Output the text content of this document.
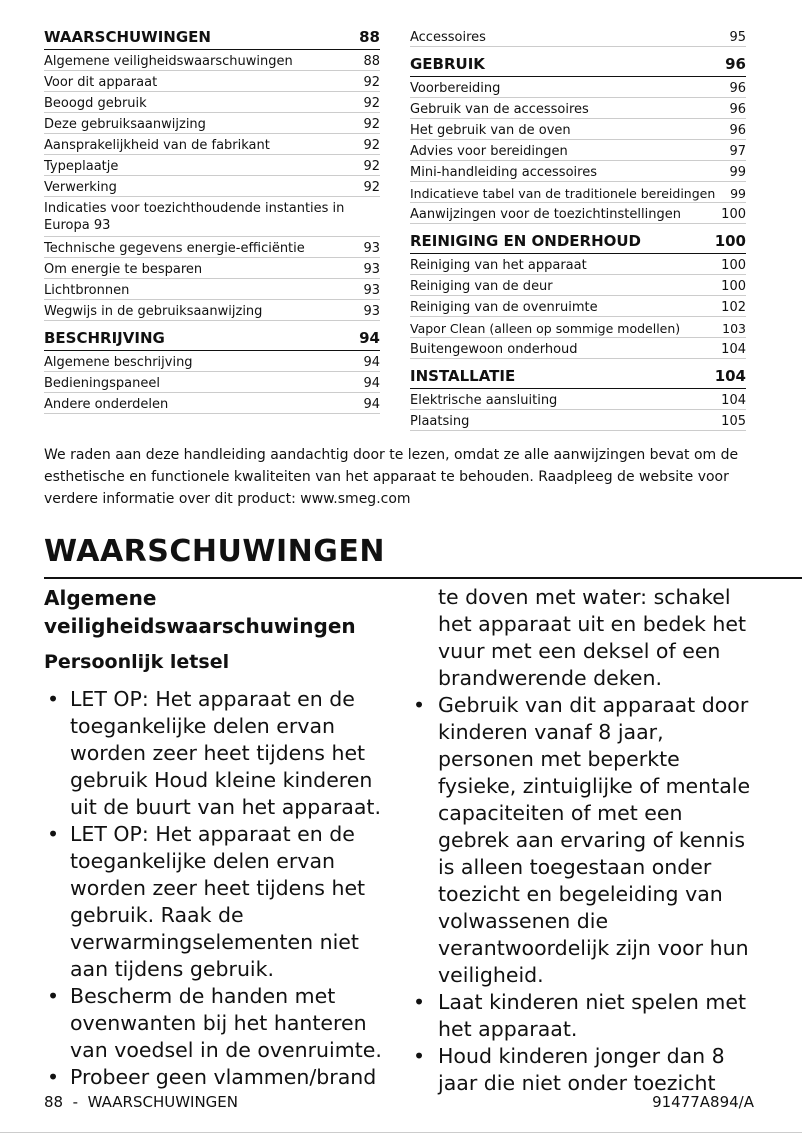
WAARSCHUWINGEN	88
Algemene veiligheidswaarschuwingen	88
Voor dit apparaat	92
Beoogd gebruik	92
Deze gebruiksaanwijzing	92
Aansprakelijkheid van de fabrikant	92
Typeplaatje	92
Verwerking	92
Indicaties voor toezichthoudende instanties in Europa 93
Technische gegevens energie-efficiëntie	93
Om energie te besparen	93
Lichtbronnen	93
Wegwijs in de gebruiksaanwijzing	93
BESCHRIJVING	94
Algemene beschrijving	94
Bedieningspaneel	94
Andere onderdelen	94
Accessoires	95
GEBRUIK	96
Voorbereiding	96
Gebruik van de accessoires	96
Het gebruik van de oven	96
Advies voor bereidingen	97
Mini-handleiding accessoires	99
Indicatieve tabel van de traditionele bereidingen	99
Aanwijzingen voor de toezichtinstellingen	100
REINIGING EN ONDERHOUD	100
Reiniging van het apparaat	100
Reiniging van de deur	100
Reiniging van de ovenruimte	102
Vapor Clean (alleen op sommige modellen)	103
Buitengewoon onderhoud	104
INSTALLATIE	104
Elektrische aansluiting	104
Plaatsing	105

We raden aan deze handleiding aandachtig door te lezen, omdat ze alle aanwijzingen bevat om de esthetische en functionele kwaliteiten van het apparaat te behouden. Raadpleeg de website voor verdere informatie over dit product: www.smeg.com

WAARSCHUWINGEN
Algemene veiligheidswaarschuwingen
Persoonlijk letsel
• LET OP: Het apparaat en de toegankelijke delen ervan worden zeer heet tijdens het gebruik Houd kleine kinderen uit de buurt van het apparaat.
• LET OP: Het apparaat en de toegankelijke delen ervan worden zeer heet tijdens het gebruik. Raak de verwarmingselementen niet aan tijdens gebruik.
• Bescherm de handen met ovenwanten bij het hanteren van voedsel in de ovenruimte.
• Probeer geen vlammen/brand

te doven met water: schakel het apparaat uit en bedek het vuur met een deksel of een brandwerende deken.

• Gebruik van dit apparaat door kinderen vanaf 8 jaar, personen met beperkte fysieke, zintuiglijke of mentale capaciteiten of met een gebrek aan ervaring of kennis is alleen toegestaan onder toezicht en begeleiding van volwassenen die verantwoordelijk zijn voor hun veiligheid.
• Laat kinderen niet spelen met het apparaat.
• Houd kinderen jonger dan 8 jaar die niet onder toezicht
88  -  WAARSCHUWINGEN	91477A894/A
